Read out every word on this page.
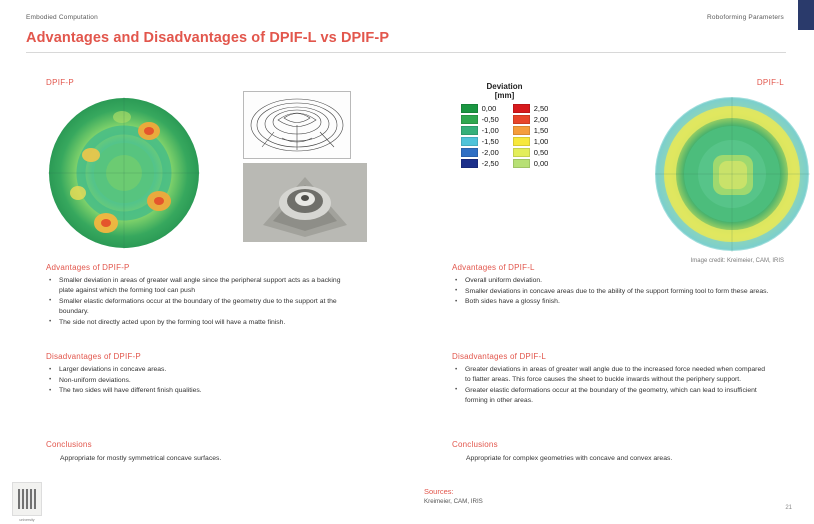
Embodied Computation	Roboforming Parameters
Advantages and Disadvantages of DPIF-L vs DPIF-P
DPIF-P	DPIF-L
Deviation
[mm]
0,00
-0,50
-1,00
-1,50
-2,00
-2,50
2,50
2,00
1,50
1,00
0,50
0,00
Image credit: Kreimeier, CAM, IRIS
Advantages of DPIF-P
• Smaller deviation in areas of greater wall angle since the peripheral support acts as a backing plate against which the forming tool can push
• Smaller elastic deformations occur at the boundary of the geometry due to the support at the boundary.
• The side not directly acted upon by the forming tool will have a matte finish.
Disadvantages of DPIF-P
• Larger deviations in concave areas.
• Non-uniform deviations.
• The two sides will have different finish qualities.
Conclusions
Appropriate for mostly symmetrical concave surfaces.
Advantages of DPIF-L
• Overall uniform deviation.
• Smaller deviations in concave areas due to the ability of the support forming tool to form these areas.
• Both sides have a glossy finish.
Disadvantages of DPIF-L
• Greater deviations in areas of greater wall angle due to the increased force needed when compared to flatter areas. This force causes the sheet to buckle inwards without the periphery support.
• Greater elastic deformations occur at the boundary of the geometry, which can lead to insufficient forming in other areas.
Conclusions
Appropriate for complex geometries with concave and convex areas.
Sources:
Kreimeier, CAM, IRIS
university
21
